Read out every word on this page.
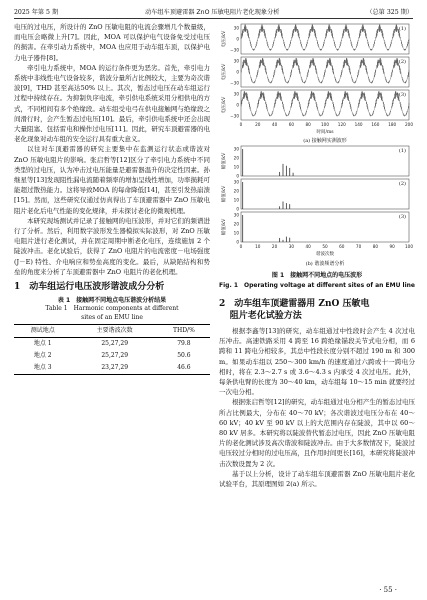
2025 年第 5 期	动车组车顶避雷器 ZnO 压敏电阻片老化现象分析	（总第 325 期）

电压的过电压，所设计的 ZnO 压敏电阻的电流会骤增几个数量级，而电压会略微上升[7]。因此，MOA 可以保护电气设备免受过电压的损害。在牵引动力系统中，MOA 也应用于动车组车顶，以保护电力电子器件[8]。

牵引电力系统中，MOA 的运行条件更为恶劣。首先，牵引电力系统中非线性电气设备较多，谐波分量所占比例较大，主要为奇次谐波[9]，THD 甚至高达50% 以上。其次，暂态过电压在动车组运行过程中持续存在。为抑制负序电流，牵引供电系统采用分相供电的方式，不同相间有多个绝缘段。动车组受电弓在供电接触网与绝缘段之间滑行时，会产生暂态过电压[10]。最后，牵引供电系统中还会出现大量阻塞、包括雷电和操作过电压[11]。因此，研究车顶避雷器的电老化现象对动车组的安全运行具有重大意义。

以往对车顶避雷器的研究主要集中在监测运行状态或谐波对 ZnO 压敏电阻片的影响。张启哲等[12]区分了牵引电力系统中不同类型的过电压，认为冲击过电压能量是避雷器温升的决定性因素。孙继星等[13]发现阻性漏电流随着频率的增加呈线性增加，功率损耗可能超过散热能力。这将导致MOA 的每命降低[14]，甚至引发热崩溃[15]。然而，这些研究仅通过仿真得出了车顶避雷器中 ZnO 压敏电阻片老化后电气性能的变化规律，并未探讨老化的微观机理。

本研究现场测试并记录了接触网的电压波形，并对它们的频谱进行了分析。然后，利用数字波形发生器模拟实际波形，对 ZnO 压敏电阻片进行老化测试，并在固定周期中断老化电压，连续施加 2 个陡波冲击。老化试验后，获得了 ZnO 电阻片的电流密度－电场强度(J－E) 特性、介电响应和势垒高度的变化。最后，从缺陷结构和势垒的角度来分析了车顶避雷器中 ZnO 电阻片的老化机理。

1　动车组运行电压波形谐波成分分析
表 1　接触网不同地点电压谐波分析结果
Table 1　Harmonic components at different
sites of an EMU line
测试地点	主要谐波次数	THD/%
地点 1	25,27,29	79.8
地点 2	25,27,29	50.6
地点 3	23,27,29	46.6
(1)
30
0
−30
电压/kV
(2)
30
0
−30
电压/kV
(3)
30
0
−30
电压/kV
0	20	40	60	80 100 120 140 160 180 200
时间/ms
(a) 接触网实测波形
(1)
30
20
10
0
幅值/kV
(2)
30
20
10
0
幅值/kV
(3)
30
20
10
0
幅值/kV
0	10	20	30	40	50	60	70	80	90 100
谐波次数
(b) 谐波频谱分析
图 1　接触网不同地点的电压波形
Fig. 1　Operating voltage at different sites of an EMU line
2　动车组车顶避雷器用 ZnO 压敏电
阻片老化试验方法

根据李鑫等[13]的研究，动车组通过中性段时会产生 4 次过电压冲击。高速铁路采用 4 跨至 16 跨绝缘锚段关节式电分相，而 6 跨和 11 跨电分相较多，其总中性段长度分别不超过 190 m 和 300 m。如果动车组以 250～300 km/h 的速度通过六跨或十一跨电分相时，将在 2.3～2.7 s 或 3.6～4.3 s 内承受 4 次过电压。此外，每条供电臂的长度为 30～40 km，动车组每 10～15 min 就要经过一次电分相。

根据张启哲等[12]的研究，动车组通过电分相产生的暂态过电压所占比例最大，分布在 40～70 kV；各次谐波过电压分布在 40～60 kV；40 kV 至 90 kV 以上的大范围内存在陡波，其中以 60～80 kV 居多。本研究将以陡波替代暂态过电压，因此 ZnO 压敏电阻片的老化测试涉及高次谐波和陡波冲击。由于大多数情况下，陡波过电压较过分相时的过电压高，且作用时间更长[16]，本研究将陡波冲击次数设置为 2 次。

基于以上分析，设计了动车组车顶避雷器 ZnO 压敏电阻片老化试验平台，其原理图如 2(a) 所示。

· 55 ·
